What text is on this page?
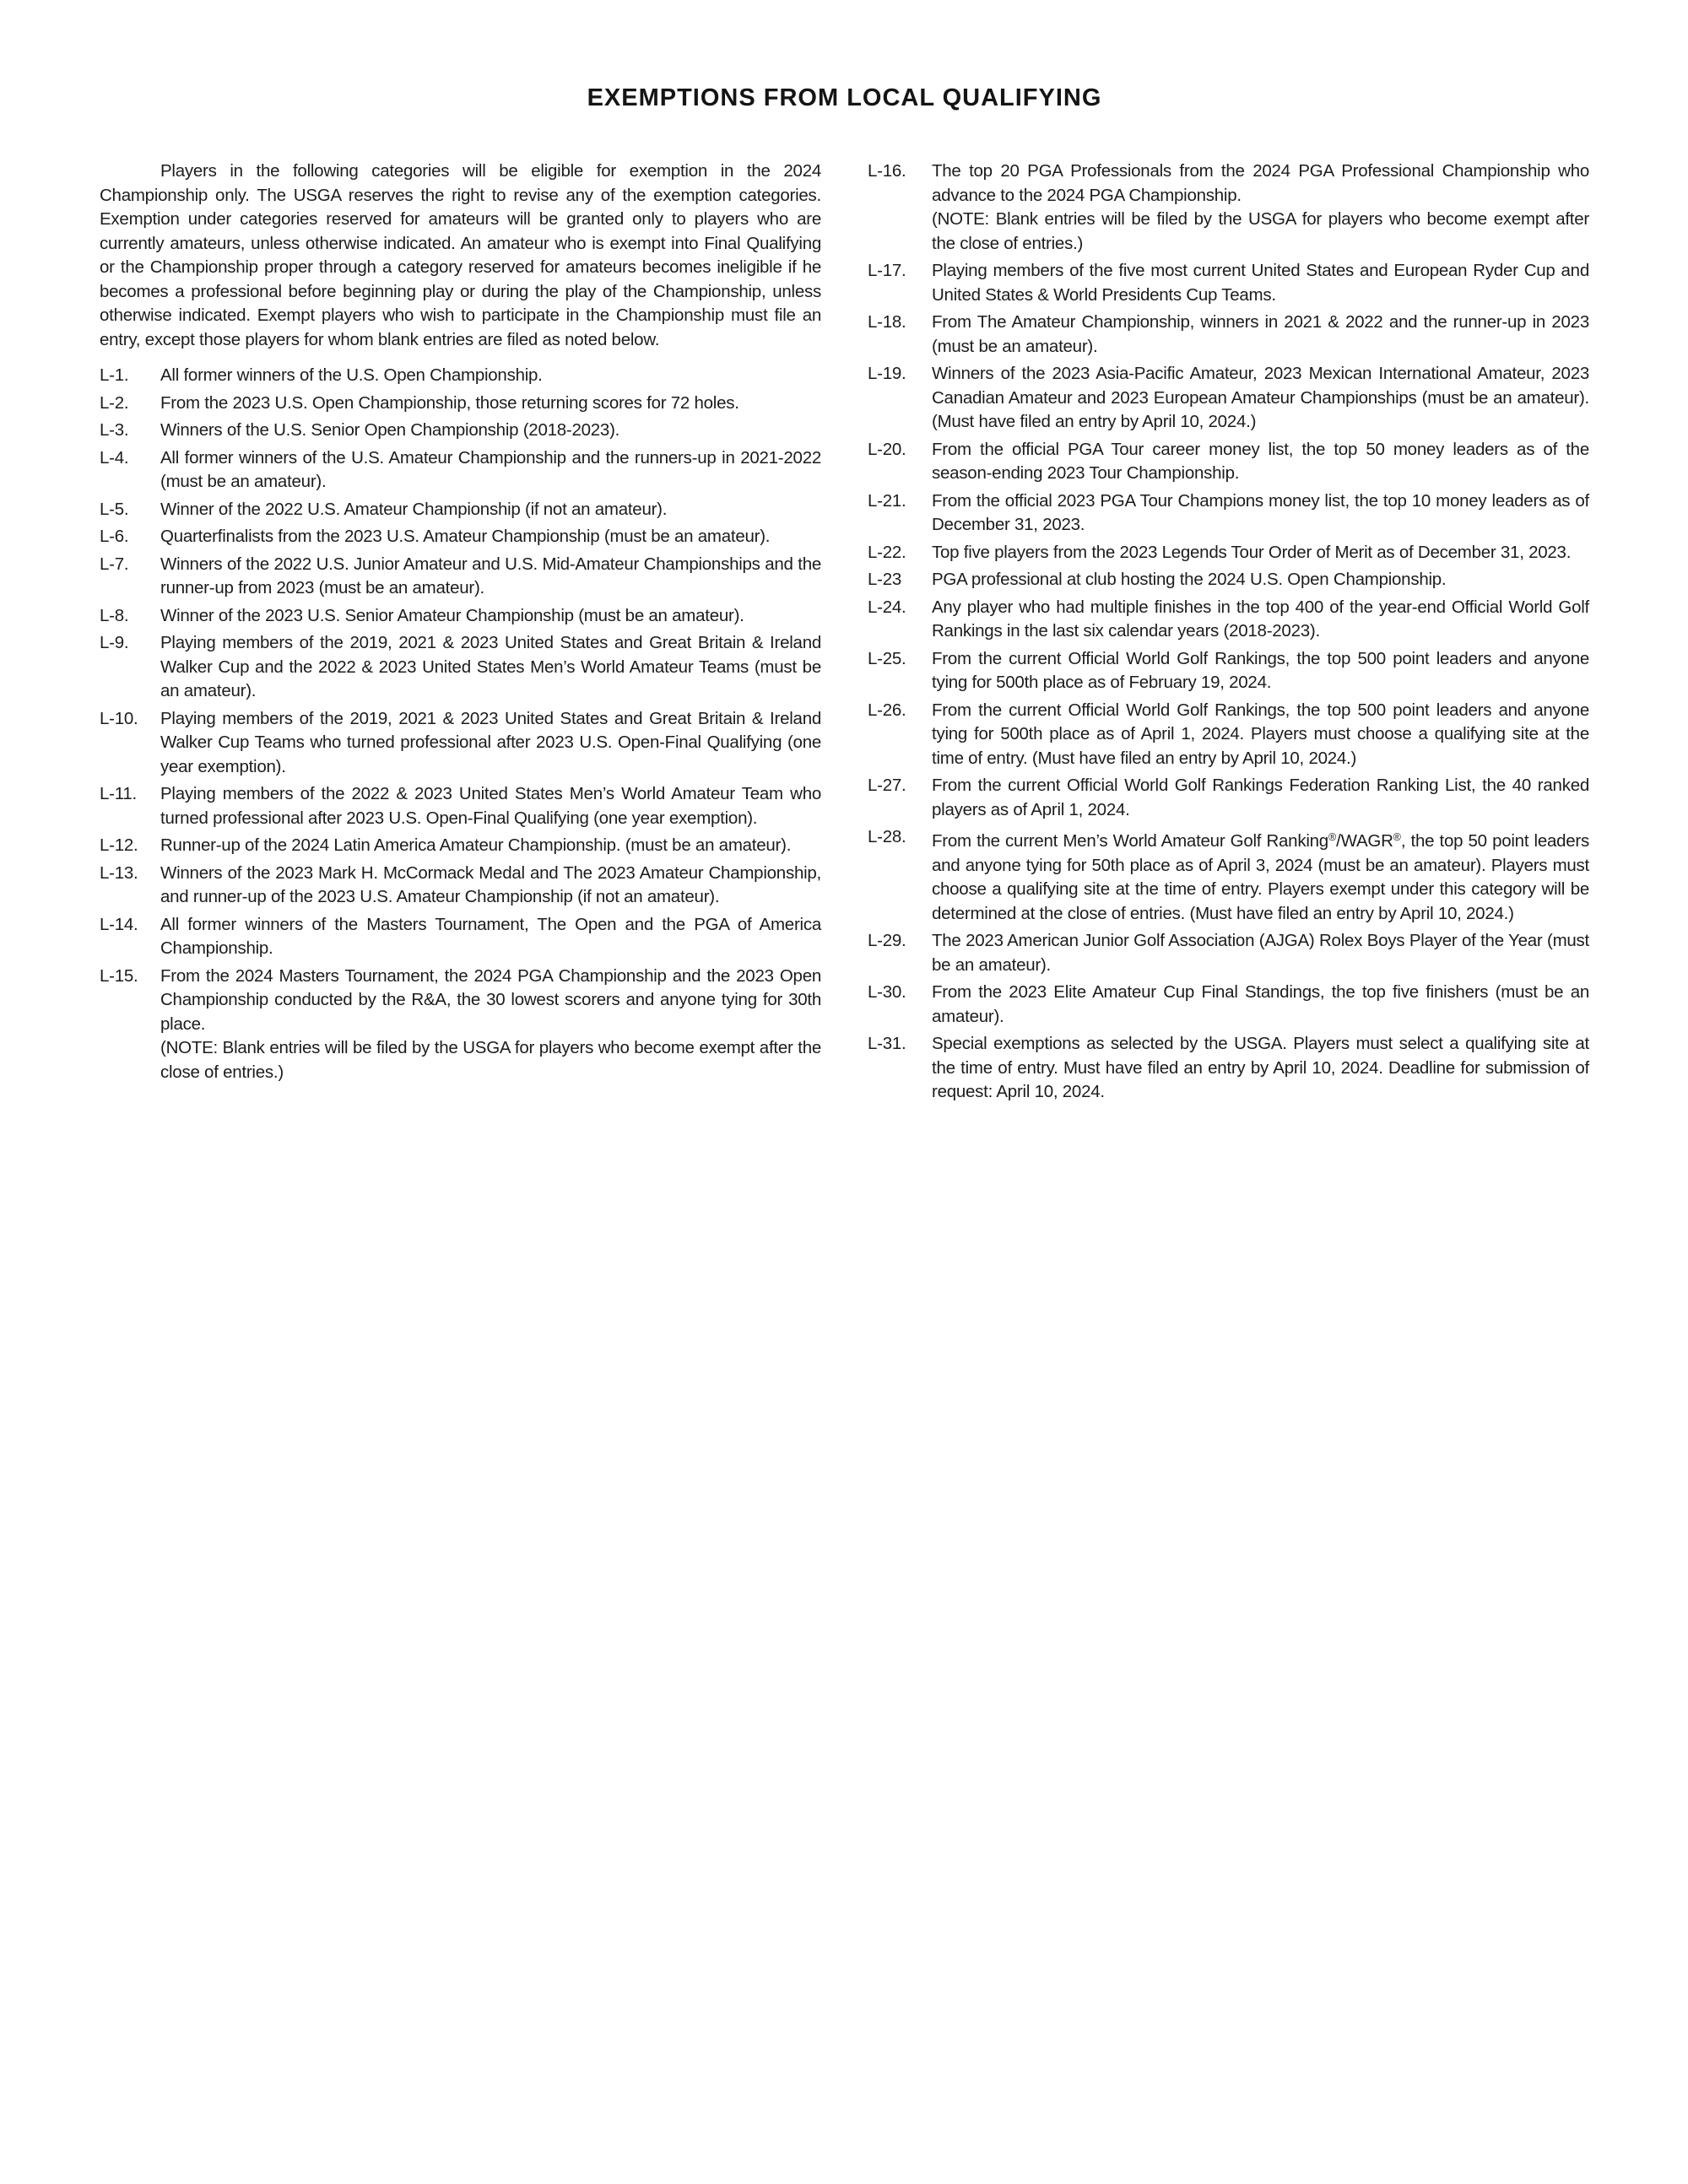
EXEMPTIONS FROM LOCAL QUALIFYING

Players in the following categories will be eligible for exemption in the 2024 Championship only. The USGA reserves the right to revise any of the exemption categories. Exemption under categories reserved for amateurs will be granted only to players who are currently amateurs, unless otherwise indicated. An amateur who is exempt into Final Qualifying or the Championship proper through a category reserved for amateurs becomes ineligible if he becomes a professional before beginning play or during the play of the Championship, unless otherwise indicated. Exempt players who wish to participate in the Championship must file an entry, except those players for whom blank entries are filed as noted below.

L-1. All former winners of the U.S. Open Championship.
L-2. From the 2023 U.S. Open Championship, those returning scores for 72 holes.
L-3. Winners of the U.S. Senior Open Championship (2018-2023).
L-4. All former winners of the U.S. Amateur Championship and the runners-up in 2021-2022 (must be an amateur).
L-5. Winner of the 2022 U.S. Amateur Championship (if not an amateur).
L-6. Quarterfinalists from the 2023 U.S. Amateur Championship (must be an amateur).
L-7. Winners of the 2022 U.S. Junior Amateur and U.S. Mid-Amateur Championships and the runner-up from 2023 (must be an amateur).
L-8. Winner of the 2023 U.S. Senior Amateur Championship (must be an amateur).
L-9. Playing members of the 2019, 2021 & 2023 United States and Great Britain & Ireland Walker Cup and the 2022 & 2023 United States Men’s World Amateur Teams (must be an amateur).
L-10. Playing members of the 2019, 2021 & 2023 United States and Great Britain & Ireland Walker Cup Teams who turned professional after 2023 U.S. Open-Final Qualifying (one year exemption).
L-11. Playing members of the 2022 & 2023 United States Men’s World Amateur Team who turned professional after 2023 U.S. Open-Final Qualifying (one year exemption).
L-12. Runner-up of the 2024 Latin America Amateur Championship. (must be an amateur).
L-13. Winners of the 2023 Mark H. McCormack Medal and The 2023 Amateur Championship, and runner-up of the 2023 U.S. Amateur Championship (if not an amateur).
L-14. All former winners of the Masters Tournament, The Open and the PGA of America Championship.
L-15. From the 2024 Masters Tournament, the 2024 PGA Championship and the 2023 Open Championship conducted by the R&A, the 30 lowest scorers and anyone tying for 30th place.
(NOTE: Blank entries will be filed by the USGA for players who become exempt after the close of entries.)
L-16. The top 20 PGA Professionals from the 2024 PGA Professional Championship who advance to the 2024 PGA Championship.
(NOTE: Blank entries will be filed by the USGA for players who become exempt after the close of entries.)
L-17. Playing members of the five most current United States and European Ryder Cup and United States & World Presidents Cup Teams.
L-18. From The Amateur Championship, winners in 2021 & 2022 and the runner-up in 2023 (must be an amateur).
L-19. Winners of the 2023 Asia-Pacific Amateur, 2023 Mexican International Amateur, 2023 Canadian Amateur and 2023 European Amateur Championships (must be an amateur). (Must have filed an entry by April 10, 2024.)
L-20. From the official PGA Tour career money list, the top 50 money leaders as of the season-ending 2023 Tour Championship.
L-21. From the official 2023 PGA Tour Champions money list, the top 10 money leaders as of December 31, 2023.
L-22. Top five players from the 2023 Legends Tour Order of Merit as of December 31, 2023.
L-23 PGA professional at club hosting the 2024 U.S. Open Championship.
L-24. Any player who had multiple finishes in the top 400 of the year-end Official World Golf Rankings in the last six calendar years (2018-2023).
L-25. From the current Official World Golf Rankings, the top 500 point leaders and anyone tying for 500th place as of February 19, 2024.
L-26. From the current Official World Golf Rankings, the top 500 point leaders and anyone tying for 500th place as of April 1, 2024. Players must choose a qualifying site at the time of entry. (Must have filed an entry by April 10, 2024.)
L-27. From the current Official World Golf Rankings Federation Ranking List, the 40 ranked players as of April 1, 2024.
L-28. From the current Men’s World Amateur Golf Ranking®/WAGR®, the top 50 point leaders and anyone tying for 50th place as of April 3, 2024 (must be an amateur). Players must choose a qualifying site at the time of entry. Players exempt under this category will be determined at the close of entries. (Must have filed an entry by April 10, 2024.)
L-29. The 2023 American Junior Golf Association (AJGA) Rolex Boys Player of the Year (must be an amateur).
L-30. From the 2023 Elite Amateur Cup Final Standings, the top five finishers (must be an amateur).
L-31. Special exemptions as selected by the USGA. Players must select a qualifying site at the time of entry. Must have filed an entry by April 10, 2024. Deadline for submission of request: April 10, 2024.
